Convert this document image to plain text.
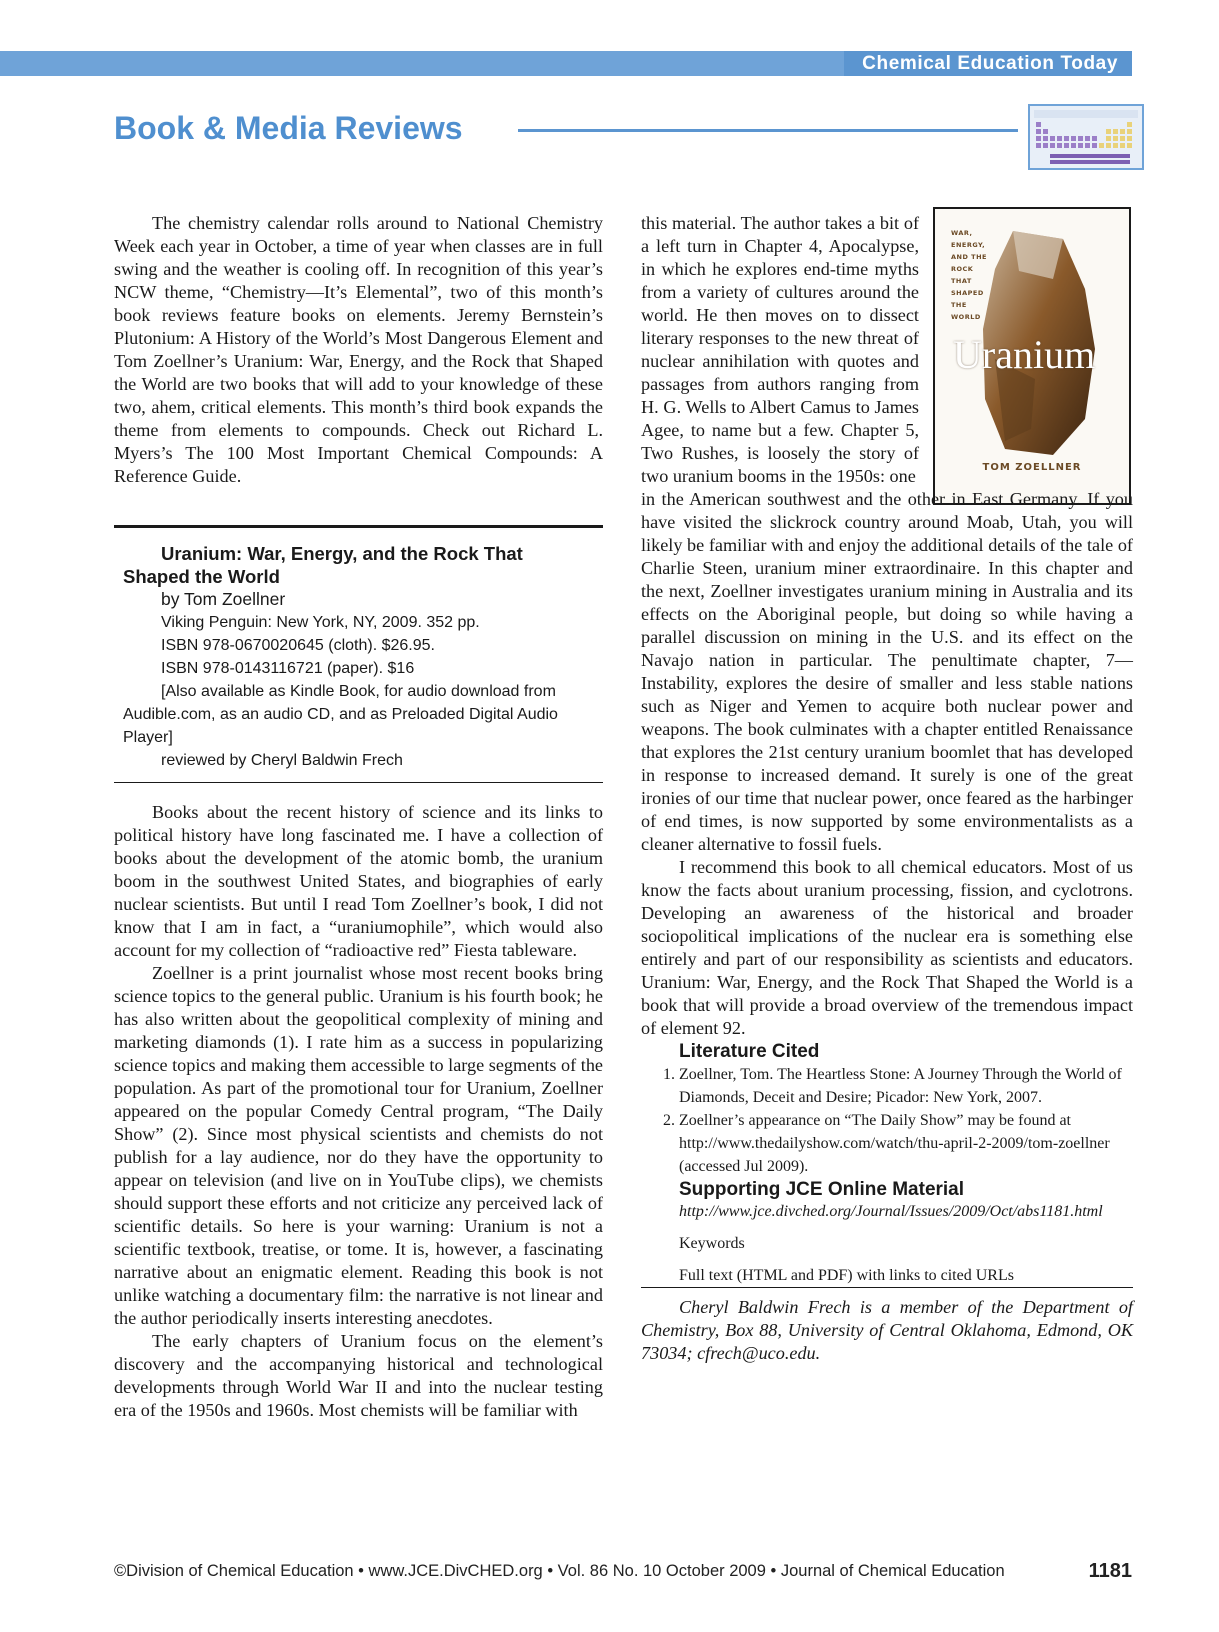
Chemical Education Today
Book & Media Reviews

The chemistry calendar rolls around to National Chemistry Week each year in October, a time of year when classes are in full swing and the weather is cooling off. In recognition of this year’s NCW theme, “Chemistry—It’s Elemental”, two of this month’s book reviews feature books on elements. Jeremy Bernstein’s Plutonium: A History of the World’s Most Dangerous Element and Tom Zoellner’s Uranium: War, Energy, and the Rock that Shaped the World are two books that will add to your knowledge of these two, ahem, critical elements. This month’s third book expands the theme from elements to compounds. Check out Richard L. Myers’s The 100 Most Important Chemical Compounds: A Reference Guide.

Uranium: War, Energy, and the Rock That Shaped the World

by Tom Zoellner

Viking Penguin: New York, NY, 2009. 352 pp.

ISBN 978-0670020645 (cloth). $26.95.

ISBN 978-0143116721 (paper). $16

[Also available as Kindle Book, for audio download from Audible.com, as an audio CD, and as Preloaded Digital Audio Player]

reviewed by Cheryl Baldwin Frech

Books about the recent history of science and its links to political history have long fascinated me. I have a collection of books about the development of the atomic bomb, the uranium boom in the southwest United States, and biographies of early nuclear scientists. But until I read Tom Zoellner’s book, I did not know that I am in fact, a “uraniumophile”, which would also account for my collection of “radioactive red” Fiesta tableware.

Zoellner is a print journalist whose most recent books bring science topics to the general public. Uranium is his fourth book; he has also written about the geopolitical complexity of mining and marketing diamonds (1). I rate him as a success in popularizing science topics and making them accessible to large segments of the population. As part of the promotional tour for Uranium, Zoellner appeared on the popular Comedy Central program, “The Daily Show” (2). Since most physical scientists and chemists do not publish for a lay audience, nor do they have the opportunity to appear on television (and live on in YouTube clips), we chemists should support these efforts and not criticize any perceived lack of scientific details. So here is your warning: Uranium is not a scientific textbook, treatise, or tome. It is, however, a fascinating narrative about an enigmatic element. Reading this book is not unlike watching a documentary film: the narrative is not linear and the author periodically inserts interesting anecdotes.

The early chapters of Uranium focus on the element’s discovery and the accompanying historical and technological developments through World War II and into the nuclear testing era of the 1950s and 1960s. Most chemists will be familiar with

WAR, ENERGY, AND THE ROCK THAT SHAPED THE WORLD
Uranium
TOM ZOELLNER

this material. The author takes a bit of a left turn in Chapter 4, Apocalypse, in which he explores end-time myths from a variety of cultures around the world. He then moves on to dissect literary responses to the new threat of nuclear annihilation with quotes and passages from authors ranging from H. G. Wells to Albert Camus to James Agee, to name but a few. Chapter 5, Two Rushes, is loosely the story of two uranium booms in the 1950s: one

in the American southwest and the other in East Germany. If you have visited the slickrock country around Moab, Utah, you will likely be familiar with and enjoy the additional details of the tale of Charlie Steen, uranium miner extraordinaire. In this chapter and the next, Zoellner investigates uranium mining in Australia and its effects on the Aboriginal people, but doing so while having a parallel discussion on mining in the U.S. and its effect on the Navajo nation in particular. The penultimate chapter, 7—Instability, explores the desire of smaller and less stable nations such as Niger and Yemen to acquire both nuclear power and weapons. The book culminates with a chapter entitled Renaissance that explores the 21st century uranium boomlet that has developed in response to increased demand. It surely is one of the great ironies of our time that nuclear power, once feared as the harbinger of end times, is now supported by some environmentalists as a cleaner alternative to fossil fuels.

I recommend this book to all chemical educators. Most of us know the facts about uranium processing, fission, and cyclotrons. Developing an awareness of the historical and broader sociopolitical implications of the nuclear era is something else entirely and part of our responsibility as scientists and educators. Uranium: War, Energy, and the Rock That Shaped the World is a book that will provide a broad overview of the tremendous impact of element 92.

Literature Cited

1. Zoellner, Tom. The Heartless Stone: A Journey Through the World of Diamonds, Deceit and Desire; Picador: New York, 2007.
2. Zoellner’s appearance on “The Daily Show” may be found at http://www.thedailyshow.com/watch/thu-april-2-2009/tom-zoellner (accessed Jul 2009).

Supporting JCE Online Material

http://www.jce.divched.org/Journal/Issues/2009/Oct/abs1181.html

Keywords

Full text (HTML and PDF) with links to cited URLs

Cheryl Baldwin Frech is a member of the Department of Chemistry, Box 88, University of Central Oklahoma, Edmond, OK 73034; cfrech@uco.edu.

©Division of Chemical Education • www.JCE.DivCHED.org • Vol. 86 No. 10 October 2009 • Journal of Chemical Education	1181
